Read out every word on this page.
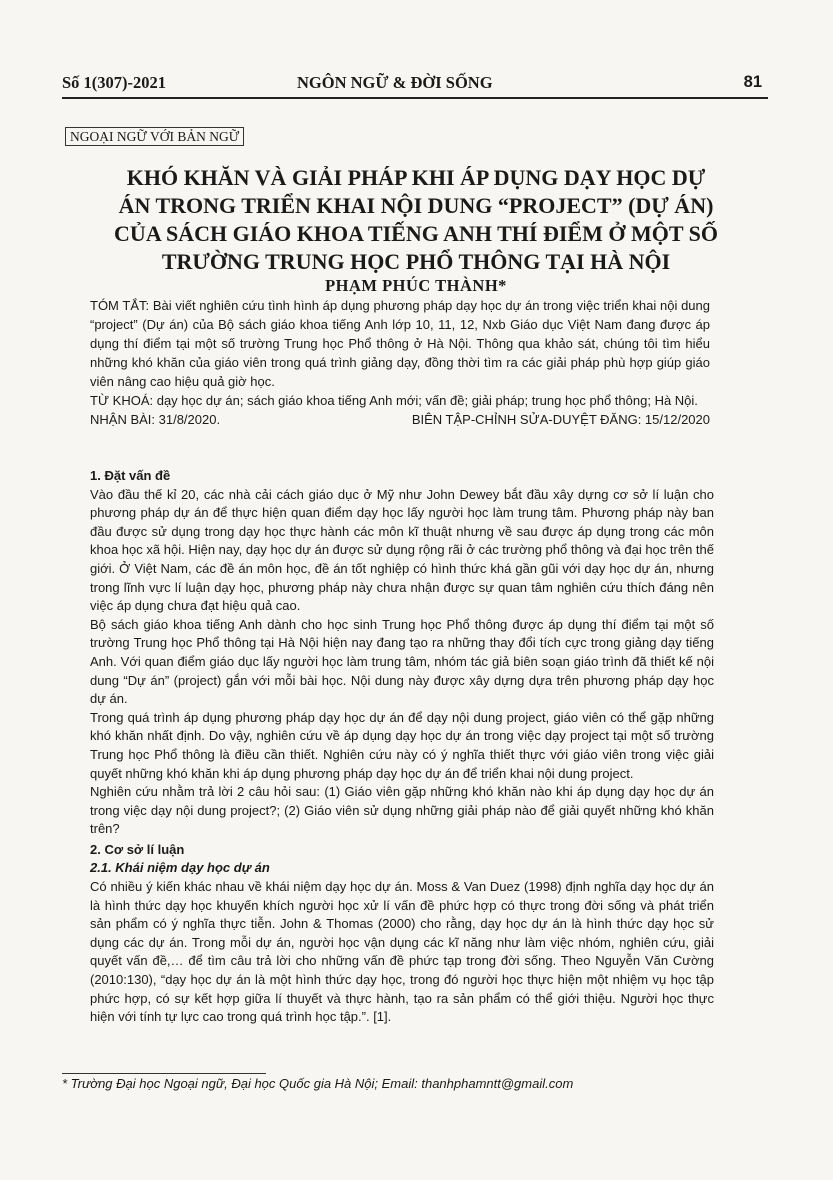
Số 1(307)-2021	NGÔN NGỮ & ĐỜI SỐNG	81
NGOẠI NGỮ VỚI BẢN NGỮ
KHÓ KHĂN VÀ GIẢI PHÁP KHI ÁP DỤNG DẠY HỌC DỰ
ÁN TRONG TRIỂN KHAI NỘI DUNG “PROJECT” (DỰ ÁN)
CỦA SÁCH GIÁO KHOA TIẾNG ANH THÍ ĐIỂM Ở MỘT SỐ
TRƯỜNG TRUNG HỌC PHỔ THÔNG TẠI HÀ NỘI
PHẠM PHÚC THÀNH*

TÓM TẮT: Bài viết nghiên cứu tình hình áp dụng phương pháp dạy học dự án trong việc triển khai nội dung “project” (Dự án) của Bộ sách giáo khoa tiếng Anh lớp 10, 11, 12, Nxb Giáo dục Việt Nam đang được áp dụng thí điểm tại một số trường Trung học Phổ thông ở Hà Nội. Thông qua khảo sát, chúng tôi tìm hiểu những khó khăn của giáo viên trong quá trình giảng dạy, đồng thời tìm ra các giải pháp phù hợp giúp giáo viên nâng cao hiệu quả giờ học.

TỪ KHOÁ: dạy học dự án; sách giáo khoa tiếng Anh mới; vấn đề; giải pháp; trung học phổ thông; Hà Nội.

NHẬN BÀI: 31/8/2020.	BIÊN TẬP-CHỈNH SỬA-DUYỆT ĐĂNG: 15/12/2020

1. Đặt vấn đề

Vào đầu thế kỉ 20, các nhà cải cách giáo dục ở Mỹ như John Dewey bắt đầu xây dựng cơ sở lí luận cho phương pháp dự án để thực hiện quan điểm dạy học lấy người học làm trung tâm. Phương pháp này ban đầu được sử dụng trong dạy học thực hành các môn kĩ thuật nhưng về sau được áp dụng trong các môn khoa học xã hội. Hiện nay, dạy học dự án được sử dụng rộng rãi ở các trường phổ thông và đại học trên thế giới. Ở Việt Nam, các đề án môn học, đề án tốt nghiệp có hình thức khá gần gũi với dạy học dự án, nhưng trong lĩnh vực lí luận dạy học, phương pháp này chưa nhận được sự quan tâm nghiên cứu thích đáng nên việc áp dụng chưa đạt hiệu quả cao.

Bộ sách giáo khoa tiếng Anh dành cho học sinh Trung học Phổ thông được áp dụng thí điểm tại một số trường Trung học Phổ thông tại Hà Nội hiện nay đang tạo ra những thay đổi tích cực trong giảng dạy tiếng Anh. Với quan điểm giáo dục lấy người học làm trung tâm, nhóm tác giả biên soạn giáo trình đã thiết kế nội dung “Dự án” (project) gắn với mỗi bài học. Nội dung này được xây dựng dựa trên phương pháp dạy học dự án.

Trong quá trình áp dụng phương pháp dạy học dự án để dạy nội dung project, giáo viên có thể gặp những khó khăn nhất định. Do vậy, nghiên cứu về áp dụng dạy học dự án trong việc dạy project tại một số trường Trung học Phổ thông là điều cần thiết. Nghiên cứu này có ý nghĩa thiết thực với giáo viên trong việc giải quyết những khó khăn khi áp dụng phương pháp dạy học dự án để triển khai nội dung project.

Nghiên cứu nhằm trả lời 2 câu hỏi sau: (1) Giáo viên gặp những khó khăn nào khi áp dụng dạy học dự án trong việc dạy nội dung project?; (2) Giáo viên sử dụng những giải pháp nào để giải quyết những khó khăn trên?

2. Cơ sở lí luận

2.1. Khái niệm dạy học dự án

Có nhiều ý kiến khác nhau về khái niệm dạy học dự án. Moss & Van Duez (1998) định nghĩa dạy học dự án là hình thức dạy học khuyến khích người học xử lí vấn đề phức hợp có thực trong đời sống và phát triển sản phẩm có ý nghĩa thực tiễn. John & Thomas (2000) cho rằng, dạy học dự án là hình thức dạy học sử dụng các dự án. Trong mỗi dự án, người học vận dụng các kĩ năng như làm việc nhóm, nghiên cứu, giải quyết vấn đề,… để tìm câu trả lời cho những vấn đề phức tạp trong đời sống. Theo Nguyễn Văn Cường (2010:130), “dạy học dự án là một hình thức dạy học, trong đó người học thực hiện một nhiệm vụ học tập phức hợp, có sự kết hợp giữa lí thuyết và thực hành, tạo ra sản phẩm có thể giới thiệu. Người học thực hiện với tính tự lực cao trong quá trình học tập.”. [1].

* Trường Đại học Ngoại ngữ, Đại học Quốc gia Hà Nội; Email: thanhphamntt@gmail.com
